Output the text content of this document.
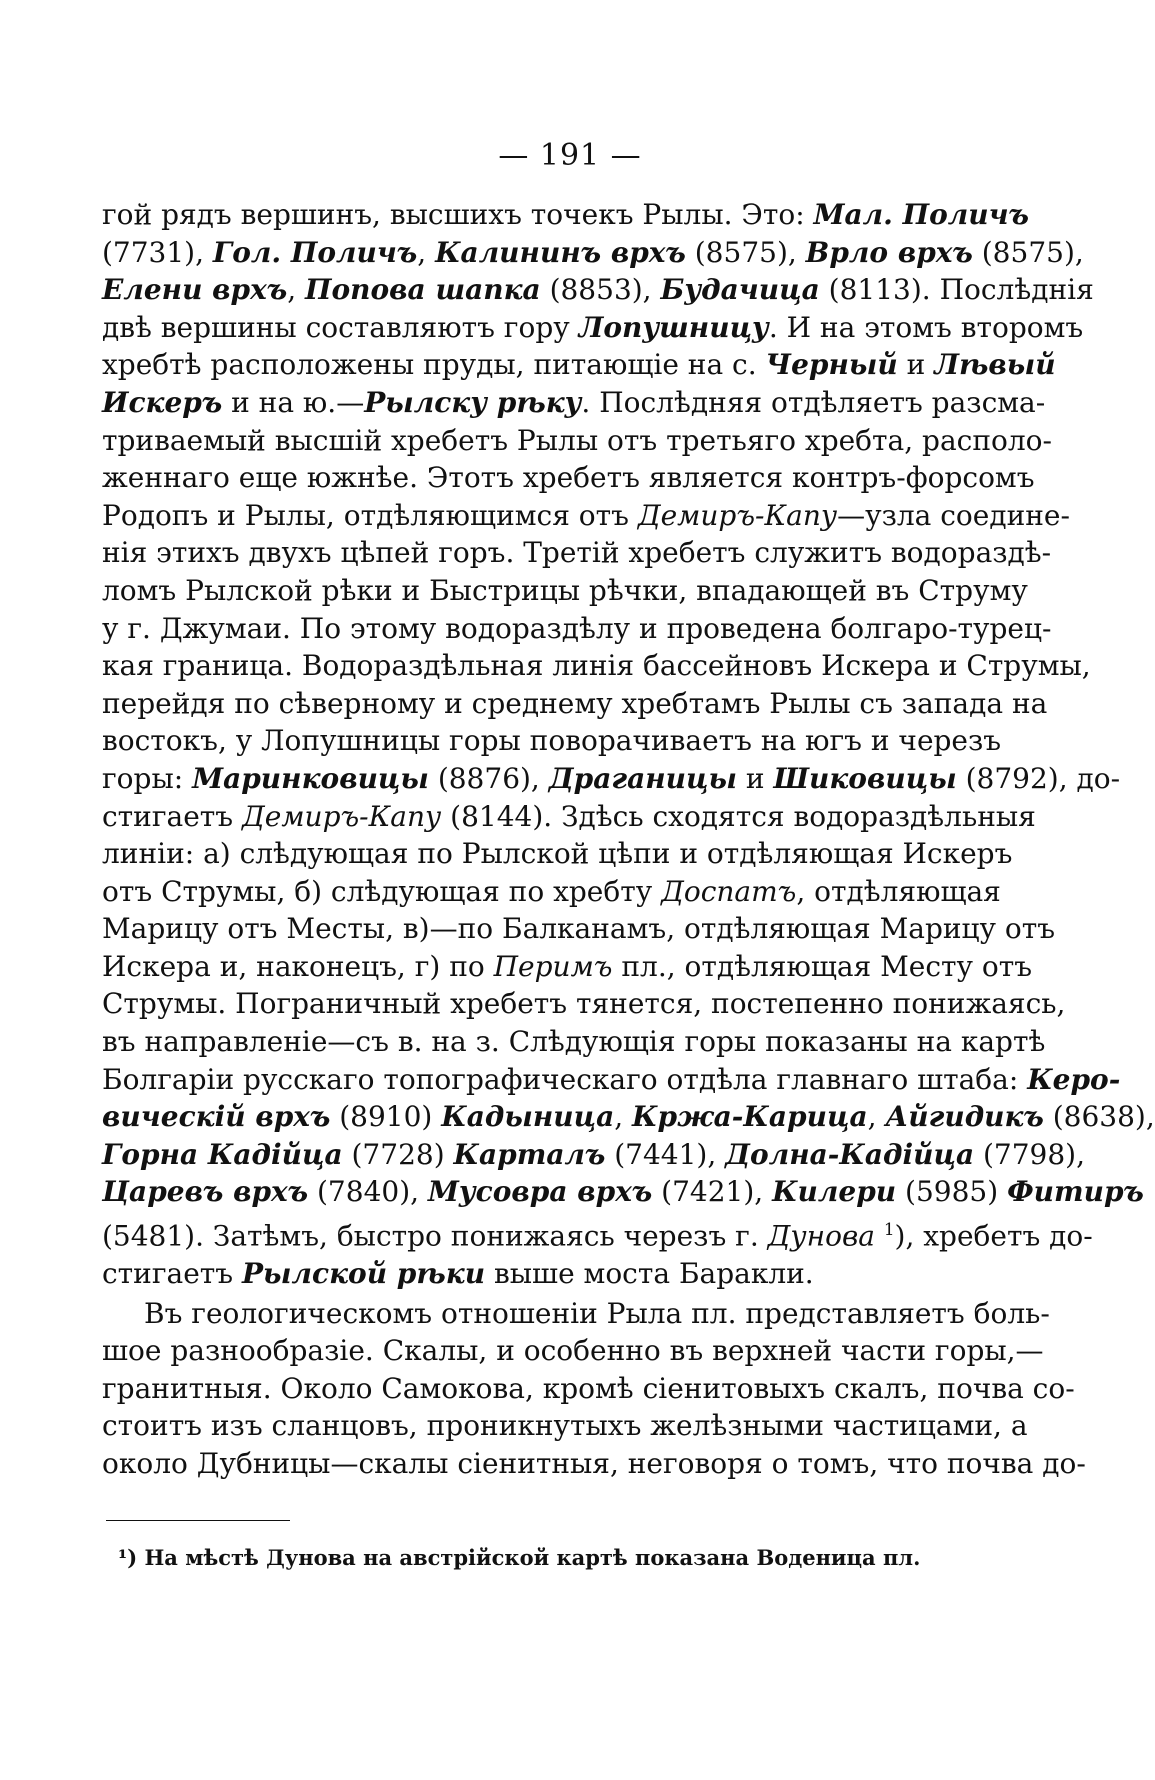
— 191 —
гой рядъ вершинъ, высшихъ точекъ Рылы. Это: Мал. Поличъ
(7731), Гол. Поличъ, Калининъ врхъ (8575), Врло врхъ (8575),
Елени врхъ, Попова шапка (8853), Будачица (8113). Послѣднія
двѣ вершины составляютъ гору Лопушницу. И на этомъ второмъ
хребтѣ расположены пруды, питающіе на с. Черный и Лѣвый
Искеръ и на ю.—Рылску рѣку. Послѣдняя отдѣляетъ разсма-
триваемый высшій хребетъ Рылы отъ третьяго хребта, располо-
женнаго еще южнѣе. Этотъ хребетъ является контръ-форсомъ
Родопъ и Рылы, отдѣляющимся отъ Демиръ-Капу—узла соедине-
нія этихъ двухъ цѣпей горъ. Третій хребетъ служитъ водораздѣ-
ломъ Рылской рѣки и Быстрицы рѣчки, впадающей въ Струму
у г. Джумаи. По этому водораздѣлу и проведена болгаро-турец-
кая граница. Водораздѣльная линія бассейновъ Искера и Струмы,
перейдя по сѣверному и среднему хребтамъ Рылы съ запада на
востокъ, у Лопушницы горы поворачиваетъ на югъ и черезъ
горы: Маринковицы (8876), Драганицы и Шиковицы (8792), до-
стигаетъ Демиръ-Капу (8144). Здѣсь сходятся водораздѣльныя
линіи: а) слѣдующая по Рылской цѣпи и отдѣляющая Искеръ
отъ Струмы, б) слѣдующая по хребту Доспатъ, отдѣляющая
Марицу отъ Месты, в)—по Балканамъ, отдѣляющая Марицу отъ
Искера и, наконецъ, г) по Перимъ пл., отдѣляющая Месту отъ
Струмы. Пограничный хребетъ тянется, постепенно понижаясь,
въ направленіе—съ в. на з. Слѣдующія горы показаны на картѣ
Болгаріи русскаго топографическаго отдѣла главнаго штаба: Керо-
вическій врхъ (8910) Кадыница, Кржа-Карица, Айгидикъ (8638),
Горна Кадійца (7728) Карталъ (7441), Долна-Кадійца (7798),
Царевъ врхъ (7840), Мусовра врхъ (7421), Килери (5985) Фитиръ
(5481). Затѣмъ, быстро понижаясь черезъ г. Дунова $^1$), хребетъ до-
стигаетъ Рылской рѣки выше моста Баракли.
Въ геологическомъ отношеніи Рыла пл. представляетъ боль-
шое разнообразіе. Скалы, и особенно въ верхней части горы,—
гранитныя. Около Самокова, кромѣ сіенитовыхъ скалъ, почва со-
стоитъ изъ сланцовъ, проникнутыхъ желѣзными частицами, а
около Дубницы—скалы сіенитныя, неговоря о томъ, что почва до-
¹) На мѣстѣ Дунова на австрійской картѣ показана Воденица пл.
